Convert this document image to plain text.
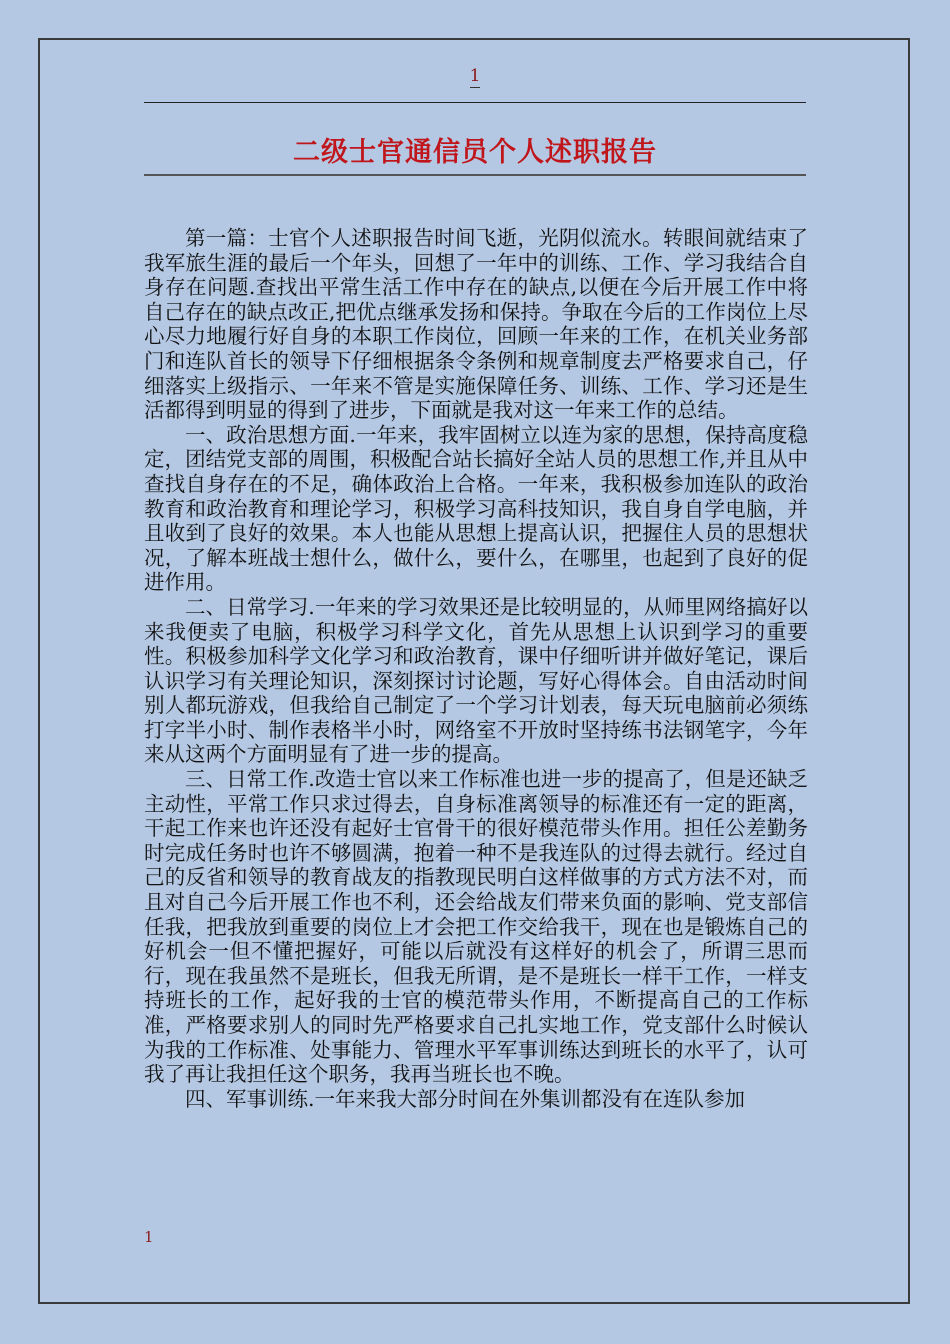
1
二级士官通信员个人述职报告

第一篇：士官个人述职报告时间飞逝，光阴似流水。转眼间就结束了我军旅生涯的最后一个年头，回想了一年中的训练、工作、学习我结合自身存在问题.查找出平常生活工作中存在的缺点,以便在今后开展工作中将自己存在的缺点改正,把优点继承发扬和保持。争取在今后的工作岗位上尽心尽力地履行好自身的本职工作岗位，回顾一年来的工作，在机关业务部门和连队首长的领导下仔细根据条令条例和规章制度去严格要求自己，仔细落实上级指示、一年来不管是实施保障任务、训练、工作、学习还是生活都得到明显的得到了进步，下面就是我对这一年来工作的总结。

一、政治思想方面.一年来，我牢固树立以连为家的思想，保持高度稳定，团结党支部的周围，积极配合站长搞好全站人员的思想工作,并且从中查找自身存在的不足，确体政治上合格。一年来，我积极参加连队的政治教育和政治教育和理论学习，积极学习高科技知识，我自身自学电脑，并且收到了良好的效果。本人也能从思想上提高认识，把握住人员的思想状况，了解本班战士想什么，做什么，要什么，在哪里，也起到了良好的促进作用。

二、日常学习.一年来的学习效果还是比较明显的，从师里网络搞好以来我便卖了电脑，积极学习科学文化，首先从思想上认识到学习的重要性。积极参加科学文化学习和政治教育，课中仔细听讲并做好笔记，课后认识学习有关理论知识，深刻探讨讨论题，写好心得体会。自由活动时间别人都玩游戏，但我给自己制定了一个学习计划表，每天玩电脑前必须练打字半小时、制作表格半小时，网络室不开放时坚持练书法钢笔字，今年来从这两个方面明显有了进一步的提高。

三、日常工作.改造士官以来工作标准也进一步的提高了，但是还缺乏主动性，平常工作只求过得去，自身标准离领导的标准还有一定的距离，干起工作来也许还没有起好士官骨干的很好模范带头作用。担任公差勤务时完成任务时也许不够圆满，抱着一种不是我连队的过得去就行。经过自己的反省和领导的教育战友的指教现民明白这样做事的方式方法不对，而且对自己今后开展工作也不利，还会给战友们带来负面的影响、党支部信任我，把我放到重要的岗位上才会把工作交给我干，现在也是锻炼自己的好机会一但不懂把握好，可能以后就没有这样好的机会了，所谓三思而行，现在我虽然不是班长，但我无所谓，是不是班长一样干工作，一样支持班长的工作，起好我的士官的模范带头作用，不断提高自己的工作标准，严格要求别人的同时先严格要求自己扎实地工作，党支部什么时候认为我的工作标准、处事能力、管理水平军事训练达到班长的水平了，认可我了再让我担任这个职务，我再当班长也不晚。

四、军事训练.一年来我大部分时间在外集训都没有在连队参加

1
